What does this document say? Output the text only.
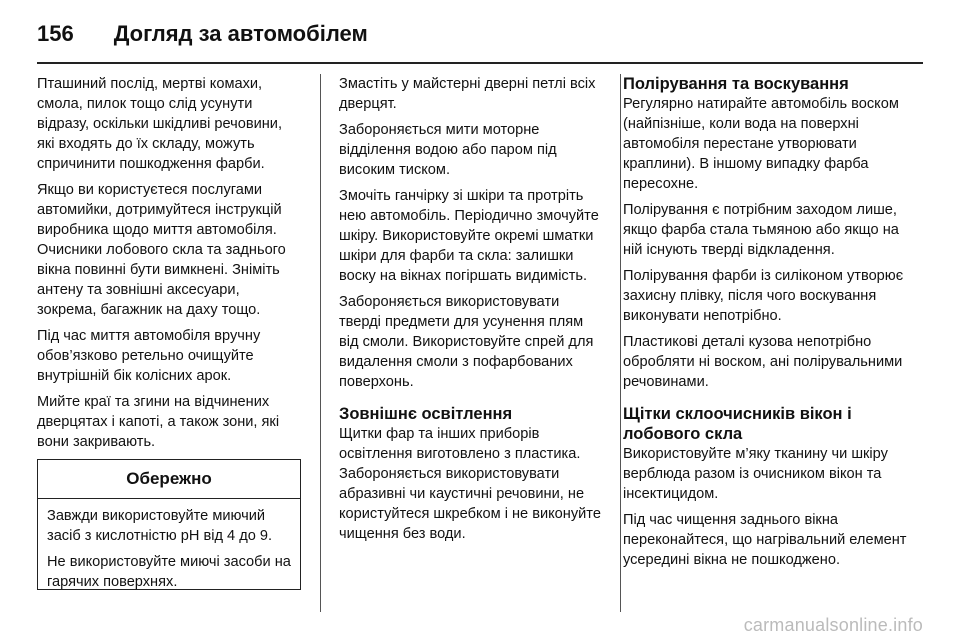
156 Догляд за автомобілем

Пташиний послід, мертві комахи, смола, пилок тощо слід усунути відразу, оскільки шкідливі речовини, які входять до їх складу, можуть спричинити пошкодження фарби.

Якщо ви користуєтеся послугами автомийки, дотримуйтеся інструкцій виробника щодо миття автомобіля. Очисники лобового скла та заднього вікна повинні бути вимкнені. Зніміть антену та зовнішні аксесуари, зокрема, багажник на даху тощо.

Під час миття автомобіля вручну обов’язково ретельно очищуйте внутрішній бік колісних арок.

Мийте краї та згини на відчинених дверцятах і капоті, а також зони, які вони закривають.

Обережно

Завжди використовуйте миючий засіб з кислотністю pH від 4 до 9.

Не використовуйте миючі засоби на гарячих поверхнях.

Змастіть у майстерні дверні петлі всіх дверцят.

Забороняється мити моторне відділення водою або паром під високим тиском.

Змочіть ганчірку зі шкіри та протріть нею автомобіль. Періодично змочуйте шкіру. Використовуйте окремі шматки шкіри для фарби та скла: залишки воску на вікнах погіршать видимість.

Забороняється використовувати тверді предмети для усунення плям від смоли. Використовуйте спрей для видалення смоли з пофарбованих поверхонь.

Зовнішнє освітлення

Щитки фар та інших приборів освітлення виготовлено з пластика. Забороняється використовувати абразивні чи каустичні речовини, не користуйтеся шкребком і не виконуйте чищення без води.

Полірування та воскування

Регулярно натирайте автомобіль воском (найпізніше, коли вода на поверхні автомобіля перестане утворювати краплини). В іншому випадку фарба пересохне.

Полірування є потрібним заходом лише, якщо фарба стала тьмяною або якщо на ній існують тверді відкладення.

Полірування фарби із силіконом утворює захисну плівку, після чого воскування виконувати непотрібно.

Пластикові деталі кузова непотрібно обробляти ні воском, ані полірувальними речовинами.

Щітки склоочисників вікон і лобового скла

Використовуйте м’яку тканину чи шкіру верблюда разом із очисником вікон та інсектицидом.

Під час чищення заднього вікна переконайтеся, що нагрівальний елемент усередині вікна не пошкоджено.

carmanualsonline.info
